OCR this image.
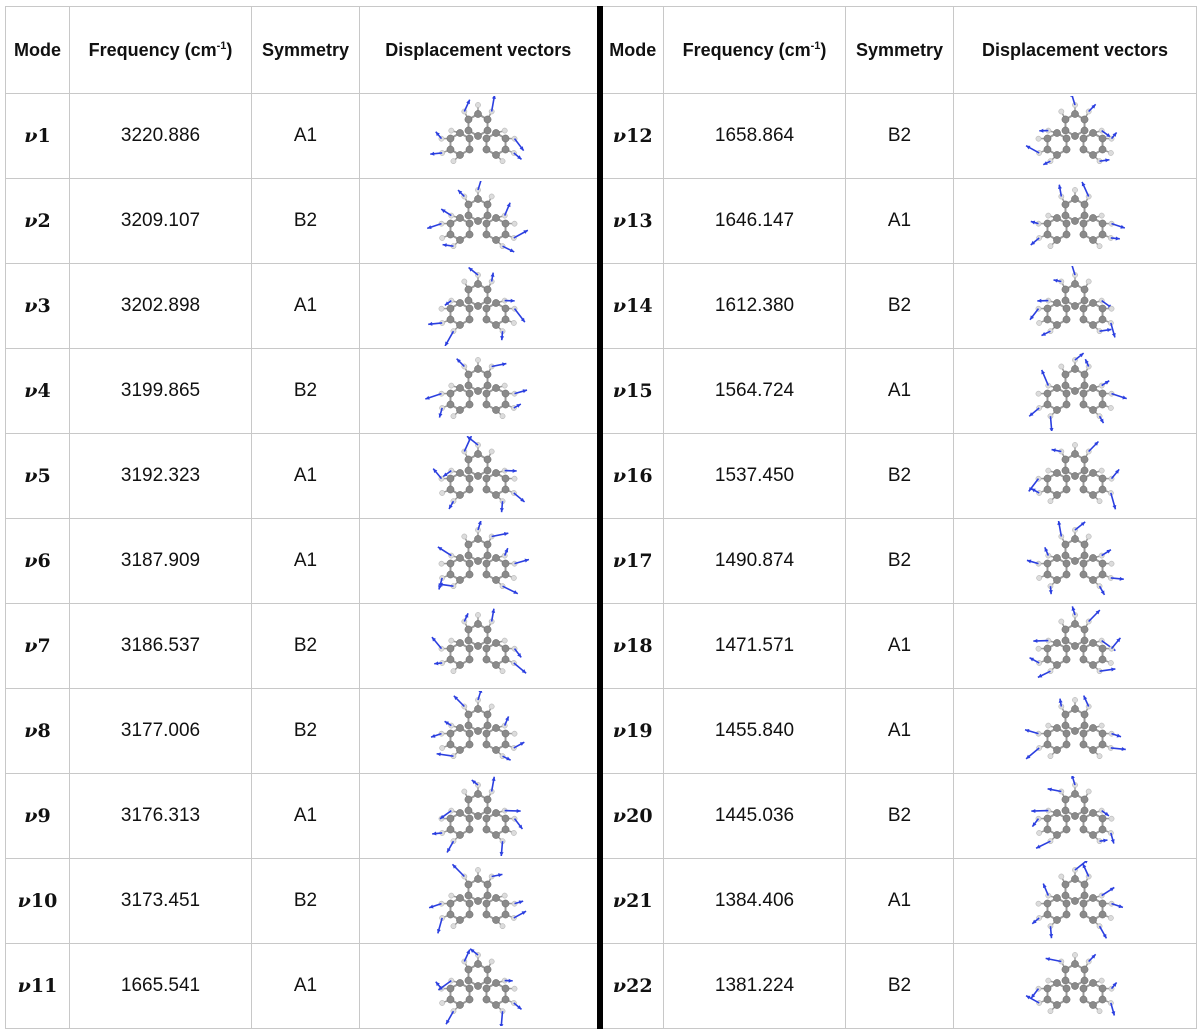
Mode	Frequency $(cm^{-1})$	Symmetry	Displacement vectors	Mode	Frequency $(cm^{-1})$	Symmetry	Displacement vectors
ν1	3220.886	A1		ν12	1658.864	B2	

ν2	3209.107	B2		ν13	1646.147	A1	

ν3	3202.898	A1		ν14	1612.380	B2	

ν4	3199.865	B2		ν15	1564.724	A1	

ν5	3192.323	A1		ν16	1537.450	B2	

ν6	3187.909	A1		ν17	1490.874	B2	

ν7	3186.537	B2		ν18	1471.571	A1	

ν8	3177.006	B2		ν19	1455.840	A1	

ν9	3176.313	A1		ν20	1445.036	B2	

ν10	3173.451	B2		ν21	1384.406	A1	

ν11	1665.541	A1		ν22	1381.224	B2	
